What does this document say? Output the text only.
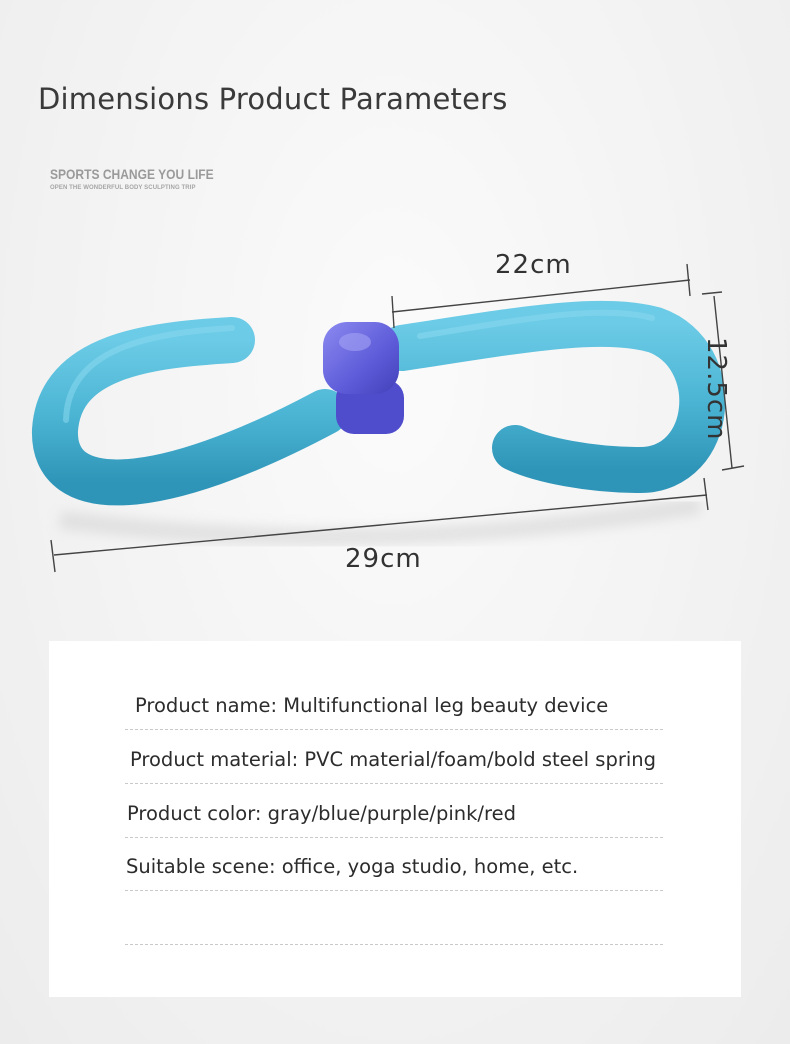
Dimensions Product Parameters
SPORTS CHANGE YOU LIFE
OPEN THE WONDERFUL BODY SCULPTING TRIP
22cm
29cm
12.5cm
Product name: Multifunctional leg beauty device
Product material: PVC material/foam/bold steel spring
Product color: gray/blue/purple/pink/red
Suitable scene: office, yoga studio, home, etc.
